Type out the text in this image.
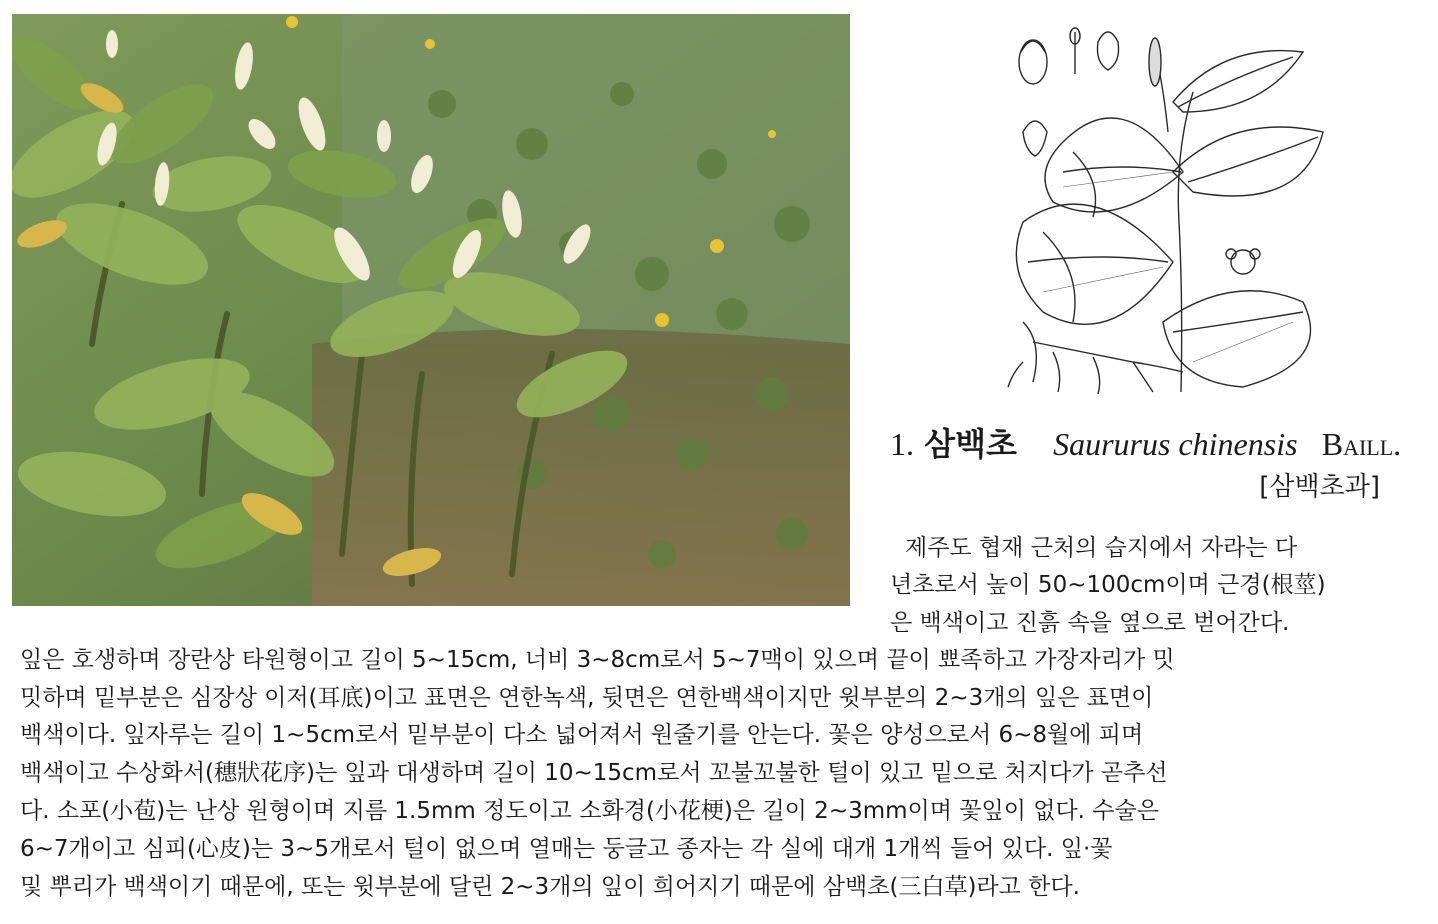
1. 삼백초 Saururus chinensis Baill.
[삼백초과]
제주도 협재 근처의 습지에서 자라는 다
년초로서 높이 50~100cm이며 근경(根莖)
은 백색이고 진흙 속을 옆으로 벋어간다.
잎은 호생하며 장란상 타원형이고 길이 5~15cm, 너비 3~8cm로서 5~7맥이 있으며 끝이 뾰족하고 가장자리가 밋
밋하며 밑부분은 심장상 이저(耳底)이고 표면은 연한녹색, 뒷면은 연한백색이지만 윗부분의 2~3개의 잎은 표면이
백색이다. 잎자루는 길이 1~5cm로서 밑부분이 다소 넓어져서 원줄기를 안는다. 꽃은 양성으로서 6~8월에 피며
백색이고 수상화서(穗狀花序)는 잎과 대생하며 길이 10~15cm로서 꼬불꼬불한 털이 있고 밑으로 처지다가 곧추선
다. 소포(小苞)는 난상 원형이며 지름 1.5mm 정도이고 소화경(小花梗)은 길이 2~3mm이며 꽃잎이 없다. 수술은
6~7개이고 심피(心皮)는 3~5개로서 털이 없으며 열매는 둥글고 종자는 각 실에 대개 1개씩 들어 있다. 잎·꽃
및 뿌리가 백색이기 때문에, 또는 윗부분에 달린 2~3개의 잎이 희어지기 때문에 삼백초(三白草)라고 한다.
